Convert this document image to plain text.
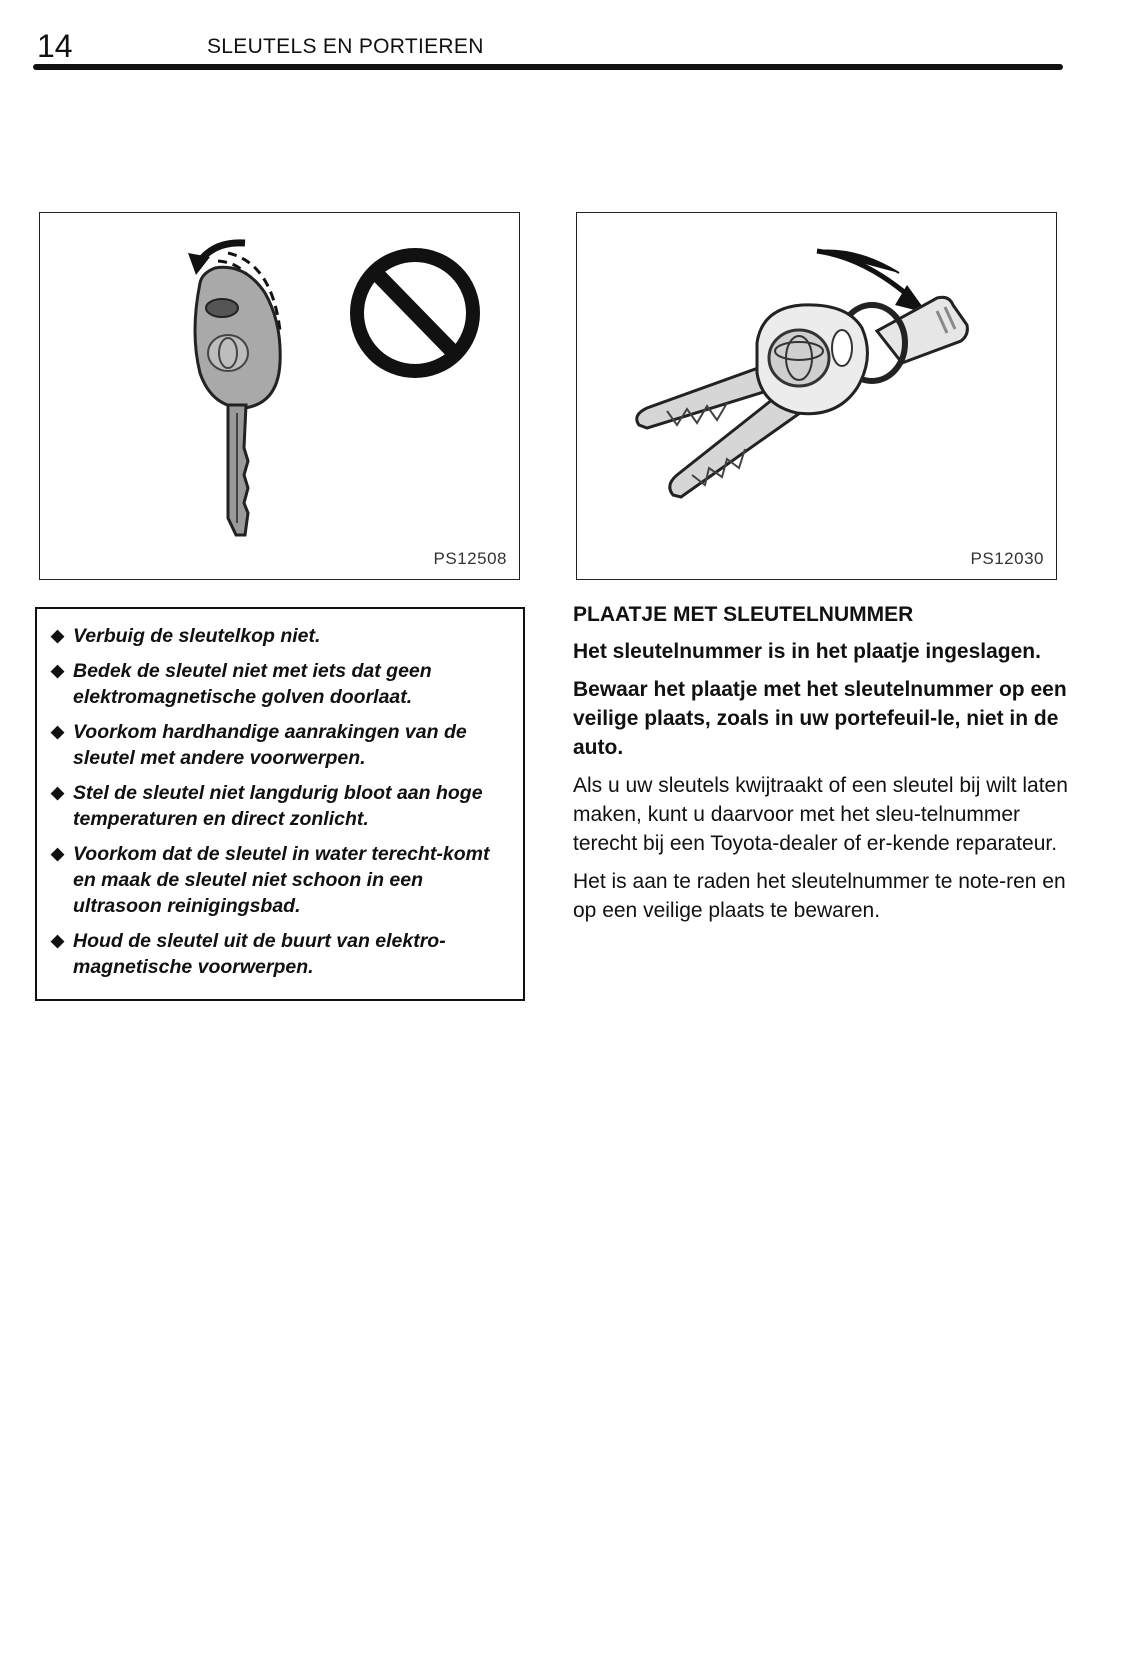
14	SLEUTELS EN PORTIEREN
PS12508	PS12030
◆ Verbuig de sleutelkop niet.
◆ Bedek de sleutel niet met iets dat geen elektromagnetische golven doorlaat.
◆ Voorkom hardhandige aanrakingen van de sleutel met andere voorwerpen.
◆ Stel de sleutel niet langdurig bloot aan hoge temperaturen en direct zonlicht.
◆ Voorkom dat de sleutel in water terecht-komt en maak de sleutel niet schoon in een ultrasoon reinigingsbad.
◆ Houd de sleutel uit de buurt van elektro-magnetische voorwerpen.

PLAATJE MET SLEUTELNUMMER

Het sleutelnummer is in het plaatje ingeslagen.

Bewaar het plaatje met het sleutelnummer op een veilige plaats, zoals in uw portefeuil-le, niet in de auto.

Als u uw sleutels kwijtraakt of een sleutel bij wilt laten maken, kunt u daarvoor met het sleu-telnummer terecht bij een Toyota-dealer of er-kende reparateur.

Het is aan te raden het sleutelnummer te note-ren en op een veilige plaats te bewaren.
